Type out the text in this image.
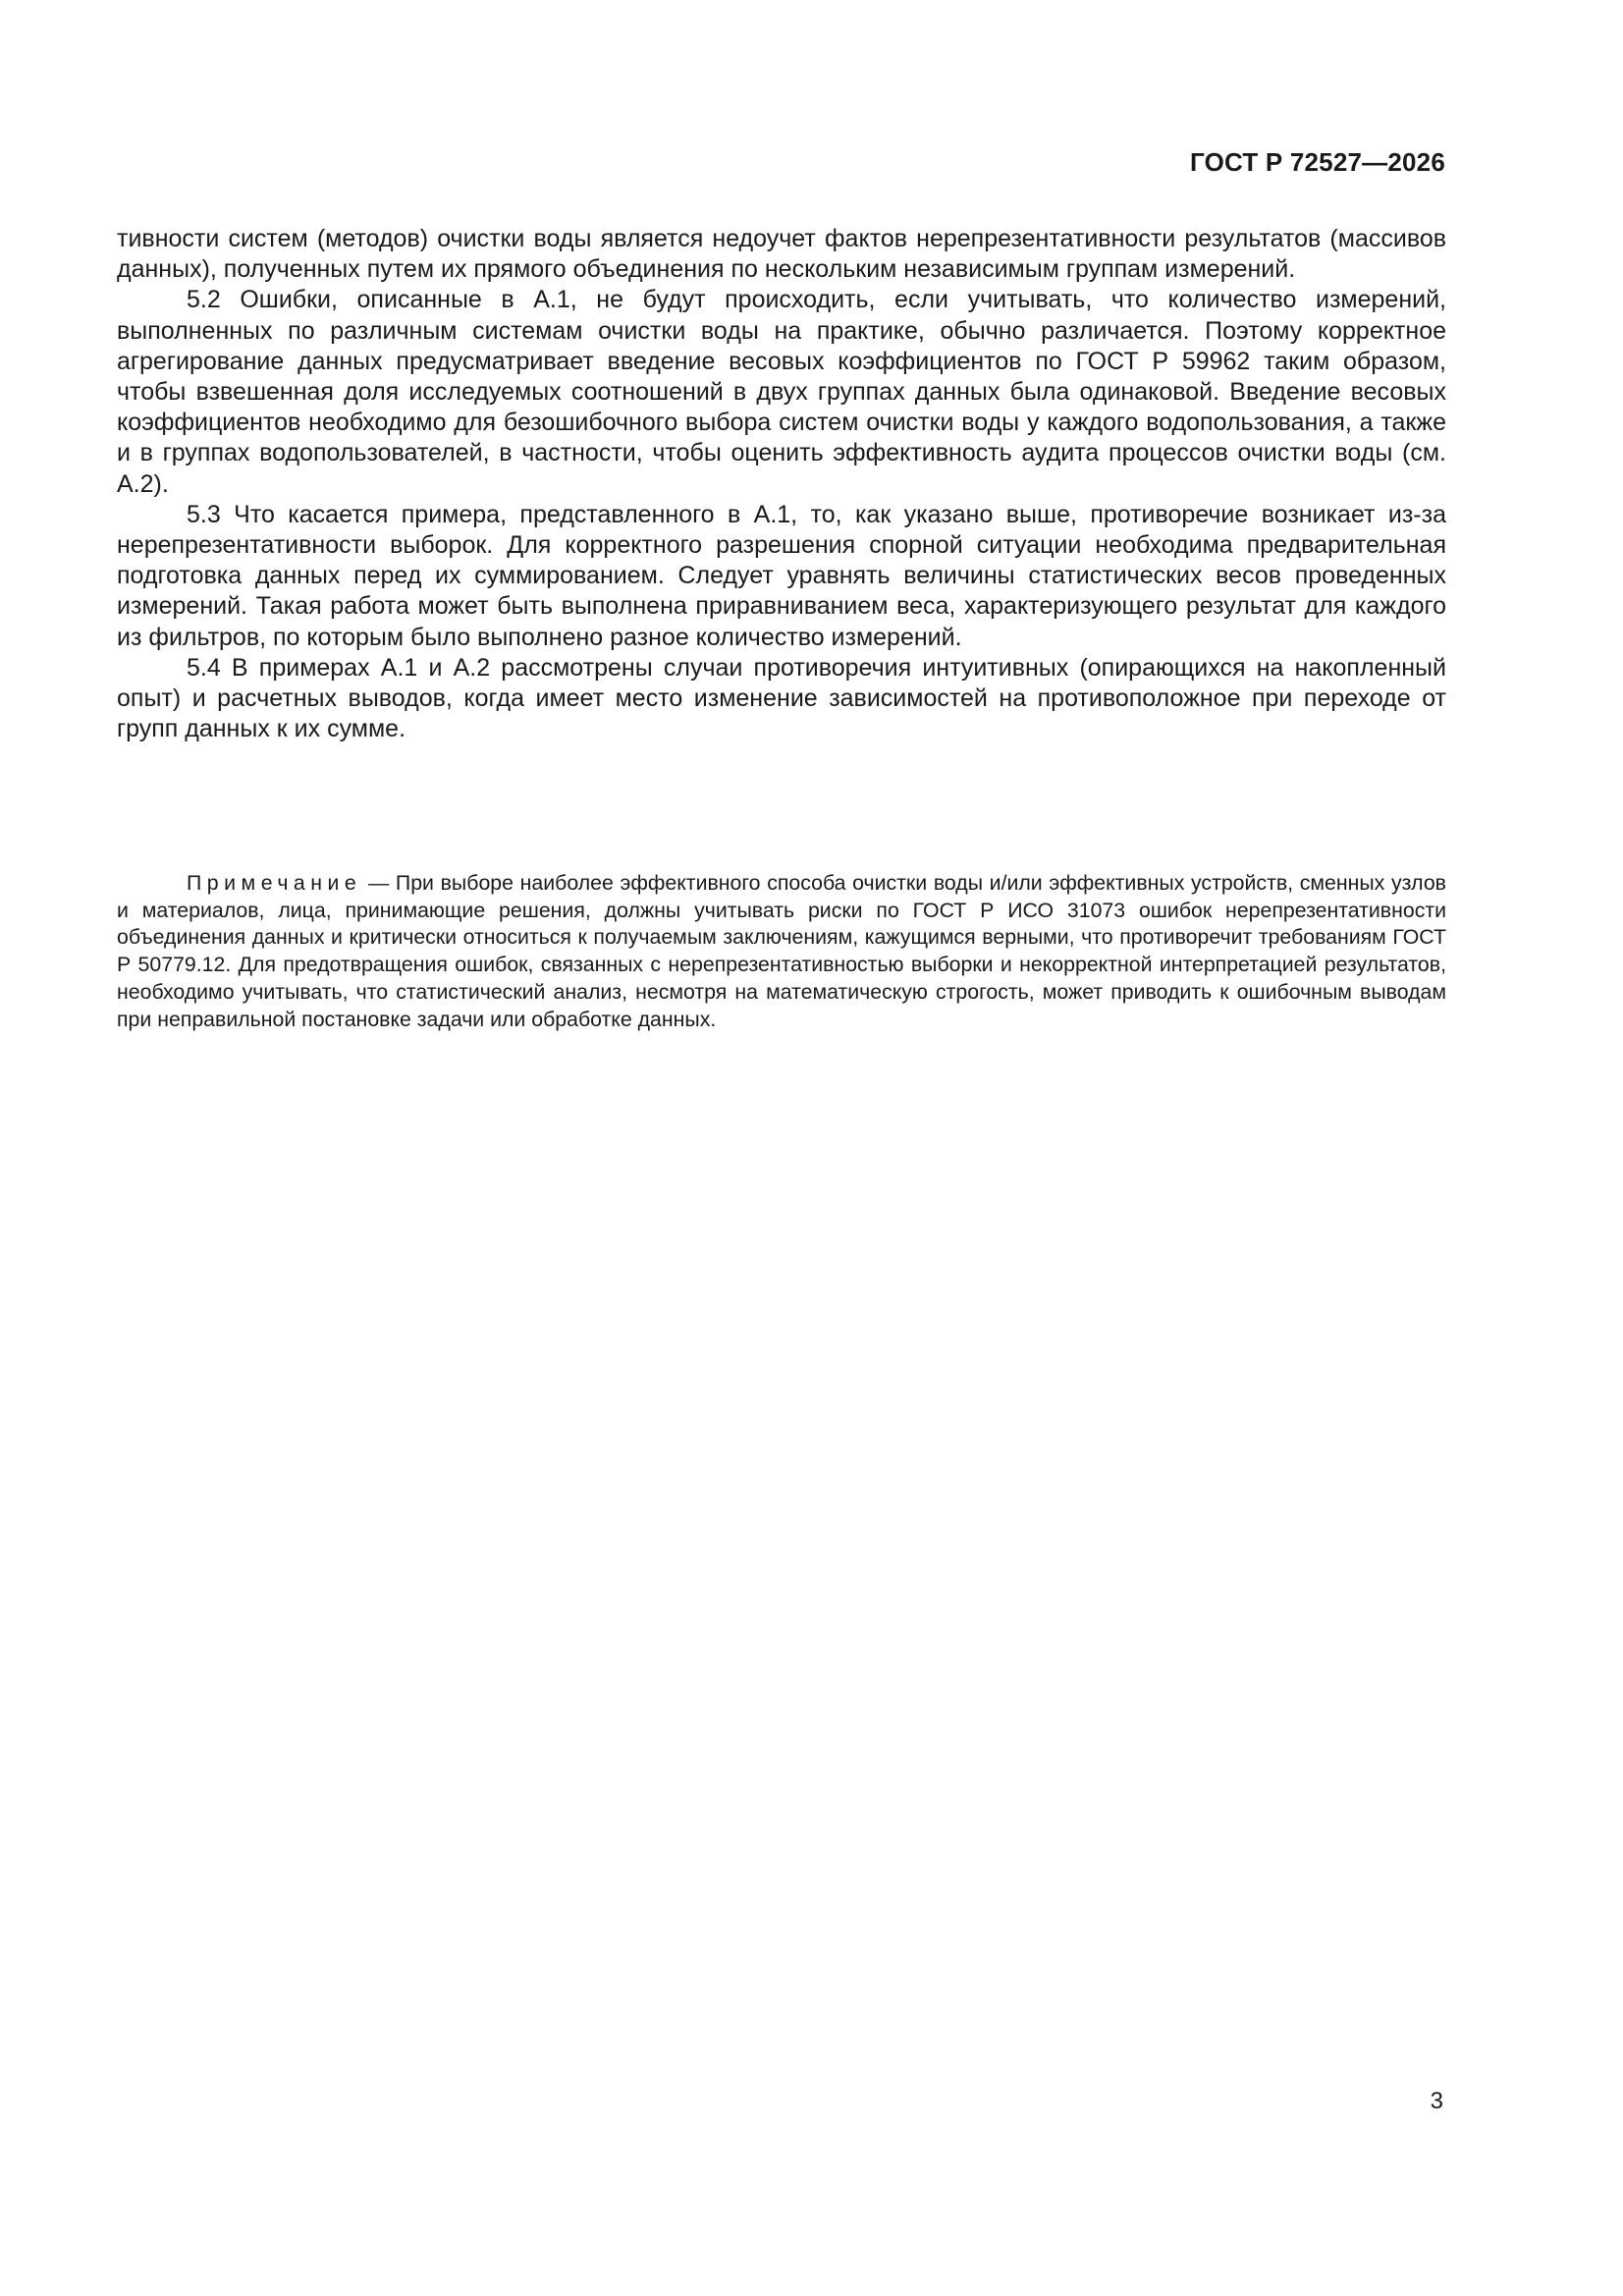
ГОСТ Р 72527—2026

тивности систем (методов) очистки воды является недоучет фактов нерепрезентативности результатов (массивов данных), полученных путем их прямого объединения по нескольким независимым группам измерений.

5.2 Ошибки, описанные в А.1, не будут происходить, если учитывать, что количество измерений, выполненных по различным системам очистки воды на практике, обычно различается. Поэтому корректное агрегирование данных предусматривает введение весовых коэффициентов по ГОСТ Р 59962 таким образом, чтобы взвешенная доля исследуемых соотношений в двух группах данных была одинаковой. Введение весовых коэффициентов необходимо для безошибочного выбора систем очистки воды у каждого водопользования, а также и в группах водопользователей, в частности, чтобы оценить эффективность аудита процессов очистки воды (см. А.2).

5.3 Что касается примера, представленного в А.1, то, как указано выше, противоречие возникает из-за нерепрезентативности выборок. Для корректного разрешения спорной ситуации необходима предварительная подготовка данных перед их суммированием. Следует уравнять величины статистических весов проведенных измерений. Такая работа может быть выполнена приравниванием веса, характеризующего результат для каждого из фильтров, по которым было выполнено разное количество измерений.

5.4 В примерах А.1 и А.2 рассмотрены случаи противоречия интуитивных (опирающихся на накопленный опыт) и расчетных выводов, когда имеет место изменение зависимостей на противоположное при переходе от групп данных к их сумме.

Примечание — При выборе наиболее эффективного способа очистки воды и/или эффективных устройств, сменных узлов и материалов, лица, принимающие решения, должны учитывать риски по ГОСТ Р ИСО 31073 ошибок нерепрезентативности объединения данных и критически относиться к получаемым заключениям, кажущимся верными, что противоречит требованиям ГОСТ Р 50779.12. Для предотвращения ошибок, связанных с нерепрезентативностью выборки и некорректной интерпретацией результатов, необходимо учитывать, что статистический анализ, несмотря на математическую строгость, может приводить к ошибочным выводам при неправильной постановке задачи или обработке данных.
3
